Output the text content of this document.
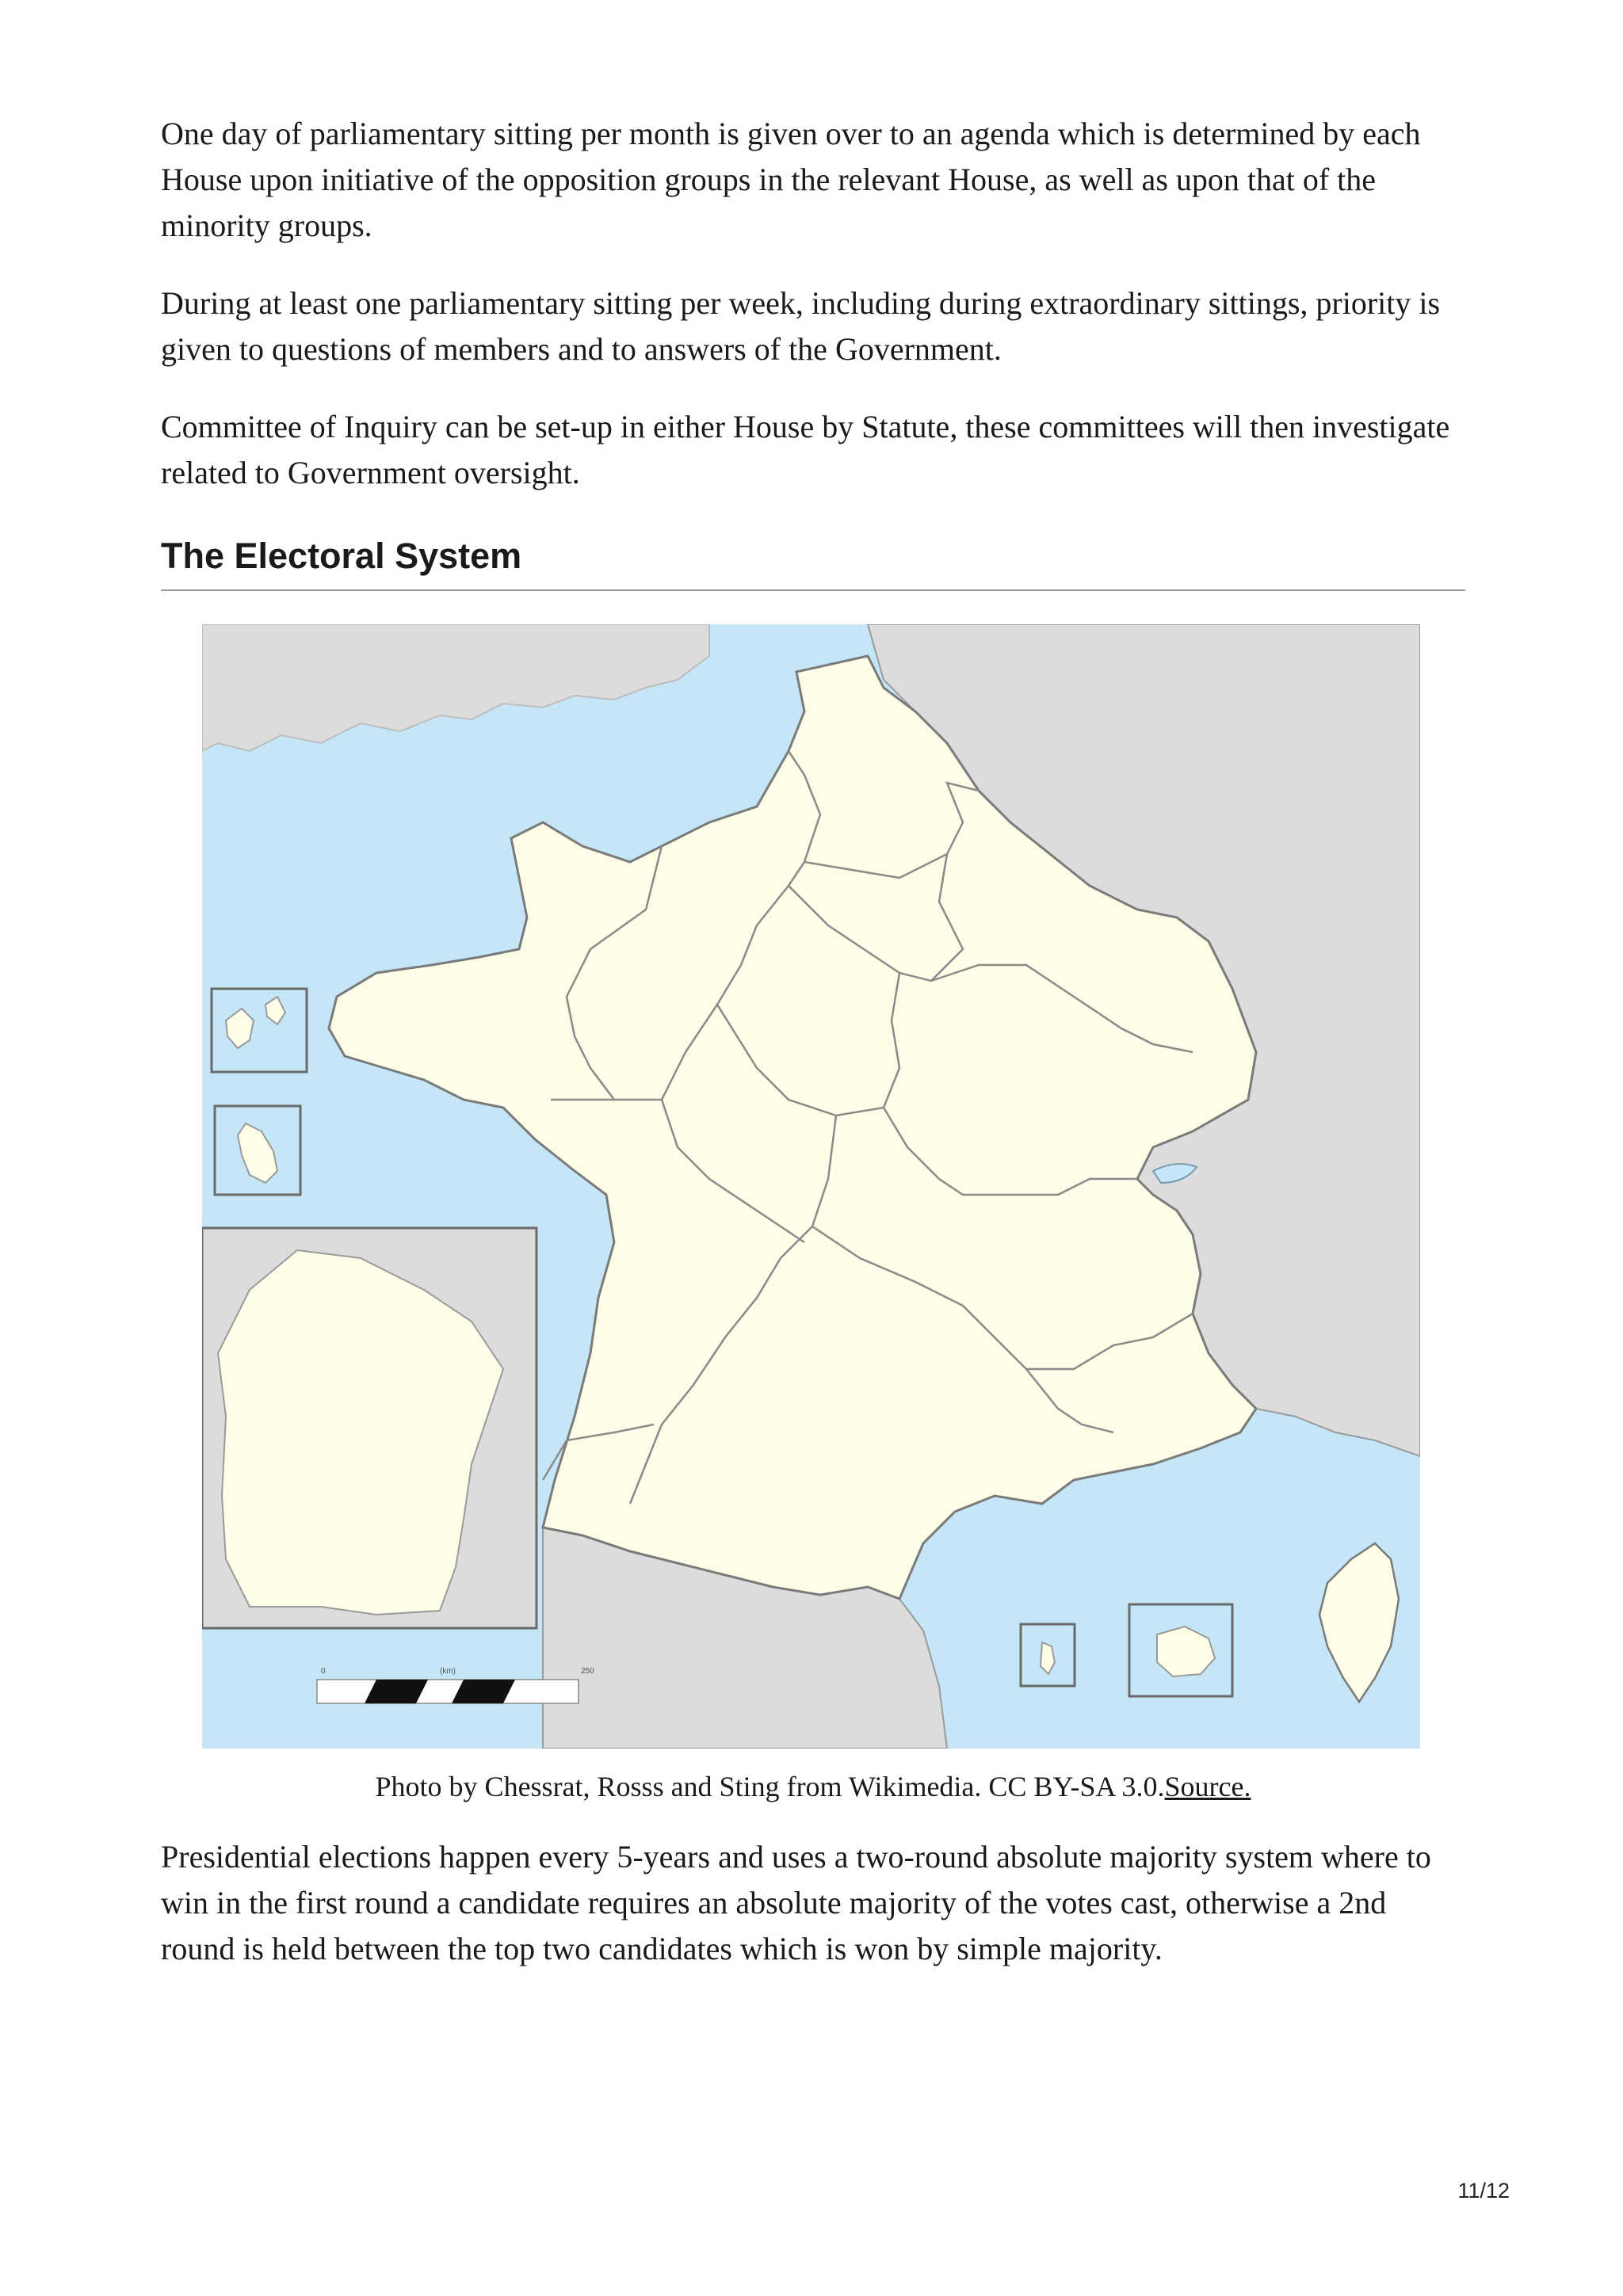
One day of parliamentary sitting per month is given over to an agenda which is determined by each House upon initiative of the opposition groups in the relevant House, as well as upon that of the minority groups.

During at least one parliamentary sitting per week, including during extraordinary sittings, priority is given to questions of members and to answers of the Government.

Committee of Inquiry can be set-up in either House by Statute, these committees will then investigate related to Government oversight.

The Electoral System
0	(km)	250
Photo by Chessrat, Rosss and Sting from Wikimedia. CC BY-SA 3.0.Source.

Presidential elections happen every 5-years and uses a two-round absolute majority system where to win in the first round a candidate requires an absolute majority of the votes cast, otherwise a 2nd round is held between the top two candidates which is won by simple majority.

11/12
